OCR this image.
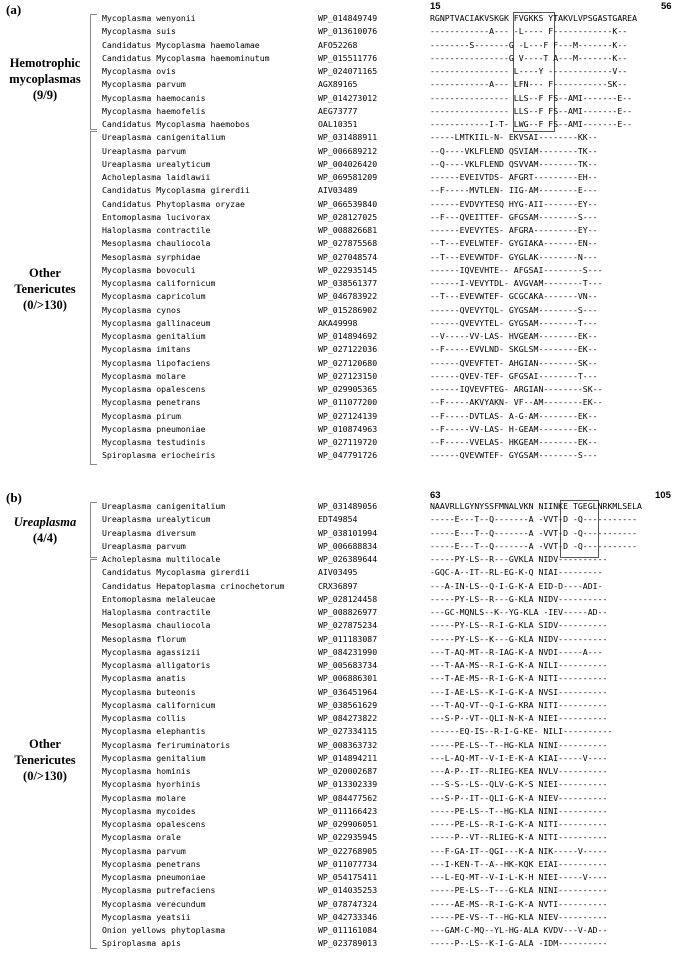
(a)	15	56
Hemotrophic
mycoplasmas
(9/9)
Other
Tenericutes
(0/>130)
Mycoplasma wenyonii	WP_014849749	RGNPTVACIAKVSKGK FVGKKS YTAKVLVPSGASTGAREA
Mycoplasma suis	WP_013610076	------------A--- -L---- F------------K--
Candidatus Mycoplasma haemolamae	AFO52268	--------S-------G -L---F F---M-------K--
Candidatus Mycoplasma haemominutum	WP_015511776	----------------G V----T A---M-------K--
Mycoplasma ovis	WP_024071165	---------------- L----Y -------------V--
Mycoplasma parvum	AGX89165	------------A--- LFN--- F-----------SK--
Mycoplasma haemocanis	WP_014273012	---------------- LLS--F FS--AMI-------E--
Mycoplasma haemofelis	AEG73777	---------------- LLS--F FS--AMI-------E--
Candidatus Mycoplasma haemobos	OAL10351	------------I-T- LWG--F FS--AMI-------E--
Ureaplasma canigenitalium	WP_031488911	-----LMTKIIL-N- EKVSAI--------KK--
Ureaplasma parvum	WP_006689212	--Q----VKLFLEND QSVIAM--------TK--
Ureaplasma urealyticum	WP_004026420	--Q----VKLFLEND QSVVAM--------TK--
Acholeplasma laidlawii	WP_069581209	------EVEIVTDS- AFGRT---------EH--
Candidatus Mycoplasma girerdii	AIV03489	--F-----MVTLEN- IIG-AM--------E---
Candidatus Phytoplasma oryzae	WP_066539840	------EVDVYTESQ HYG-AII-------EY--
Entomoplasma lucivorax	WP_028127025	--F---QVEITTEF- GFGSAM--------S---
Haloplasma contractile	WP_008826681	------EVEVYTES- AFGRA---------EY--
Mesoplasma chauliocola	WP_027875568	--T---EVELWTEF- GYGIAKA-------EN--
Mesoplasma syrphidae	WP_027048574	--T---EVEVWTDF- GYGLAK--------N---
Mycoplasma bovoculi	WP_022935145	------IQVEVHTE-- AFGSAI--------S---
Mycoplasma californicum	WP_038561377	------I-VEVYTDL- AVGVAM--------T---
Mycoplasma capricolum	WP_046783922	--T---EVEVWTEF- GCGCAKA-------VN--
Mycoplasma cynos	WP_015286902	------QVEVYTQL- GYGSAM--------S---
Mycoplasma gallinaceum	AKA49998	------QVEVYTEL- GYGSAM--------T---
Mycoplasma genitalium	WP_014894692	--V-----VV-LAS- HVGEAM--------EK--
Mycoplasma imitans	WP_027122036	--F-----EVVLND- SKGLSM--------EK--
Mycoplasma lipofaciens	WP_027120680	------QVEVFTET- AHGIAN--------SK--
Mycoplasma molare	WP_027123150	------QVEV-TEF- GFGSAI--------T---
Mycoplasma opalescens	WP_029905365	------IQVEVFTEG- ARGIAN--------SK--
Mycoplasma penetrans	WP_011077200	--F-----AKVYAKN- VF--AM--------EK--
Mycoplasma pirum	WP_027124139	--F-----DVTLAS- A-G-AM--------EK--
Mycoplasma pneumoniae	WP_010874963	--F-----VV-LAS- H-GEAM--------EK--
Mycoplasma testudinis	WP_027119720	--F-----VVELAS- HKGEAM--------EK--
Spiroplasma eriocheiris	WP_047791726	------QVEVWTEF- GYGSAM--------S---
(b)	63	105
Ureaplasma
(4/4)
Other
Tenericutes
(0/>130)
Ureaplasma canigenitalium	WP_031489056	NAAVRLLGYNYSSFMNALVKN NIINKE TGEGLNRKMLSELA
Ureaplasma urealyticum	EDT49854	-----E---T--Q-------A -VVT-D -Q-----------
Ureaplasma diversum	WP_038101994	-----E---T--Q-------A -VVT-D -Q-----------
Ureaplasma parvum	WP_006688834	-----E---T--Q-------A -VVT-D -Q-----------
Acholeplasma multilocale	WP_026389644	-----PY-LS--R---GVKLA NIDV----------
Candidatus Mycoplasma girerdii	AIV03495	-GQC-A--IT--RL-EG-K-Q NIAI---------
Candidatus Hepatoplasma crinochetorum	CRX36897	---A-IN-LS--Q-I-G-K-A EID-D----ADI-
Entomoplasma melaleucae	WP_028124458	-----PY-LS--R---G-KLA NIDV----------
Haloplasma contractile	WP_008826977	---GC-MQNLS--K--YG-KLA -IEV-----AD--
Mesoplasma chauliocola	WP_027875234	-----PY-LS--R-I-G-KLA SIDV----------
Mesoplasma florum	WP_011183087	-----PY-LS--K---G-KLA NIDV----------
Mycoplasma agassizii	WP_084231990	---T-AQ-MT--R-IAG-K-A NVDI-----A---
Mycoplasma alligatoris	WP_005683734	---T-AA-MS--R-I-G-K-A NILI----------
Mycoplasma anatis	WP_006886301	---T-AE-MS--R-I-G-K-A NITI----------
Mycoplasma buteonis	WP_036451964	---I-AE-LS--K-I-G-K-A NVSI----------
Mycoplasma californicum	WP_038561629	---T-AQ-VT--Q-I-G-KRA NITI----------
Mycoplasma collis	WP_084273822	---S-P--VT--QLI-N-K-A NIEI----------
Mycoplasma elephantis	WP_027334115	------EQ-IS--R-I-G-KE- NILI----------
Mycoplasma feriruminatoris	WP_008363732	-----PE-LS--T--HG-KLA NINI----------
Mycoplasma genitalium	WP_014894211	---L-AQ-MT--V-I-E-K-A KIAI-----V----
Mycoplasma hominis	WP_020002687	---A-P--IT--RLIEG-KEA NVLV----------
Mycoplasma hyorhinis	WP_013302339	---S-S--LS--QLV-G-K-S NIEI----------
Mycoplasma molare	WP_084477562	---S-P--IT--QLI-G-K-A NIEV----------
Mycoplasma mycoides	WP_011166423	-----PE-LS--T--HG-KLA NINI----------
Mycoplasma opalescens	WP_029906051	-----PE-LS--R-I-G-K-A NITI----------
Mycoplasma orale	WP_022935945	-----P--VT--RLIEG-K-A NITI----------
Mycoplasma parvum	WP_022768905	---F-GA-IT--QGI---K-A NIK-----V-----
Mycoplasma penetrans	WP_011077734	---I-KEN-T--A--HK-KQK EIAI----------
Mycoplasma pneumoniae	WP_054175411	---L-EQ-MT--V-I-L-K-H NIEI-----V----
Mycoplasma putrefaciens	WP_014035253	-----PE-LS--T---G-KLA NINI----------
Mycoplasma verecundum	WP_078747324	-----AE-MS--R-I-G-K-A NVTI----------
Mycoplasma yeatsii	WP_042733346	-----PE-VS--T--HG-KLA NIEV----------
Onion yellows phytoplasma	WP_011161084	---GAM-C-MQ--YL-HG-ALA KVDV---V-AD--
Spiroplasma apis	WP_023789013	-----P--LS--K-I-G-ALA -IDM----------
